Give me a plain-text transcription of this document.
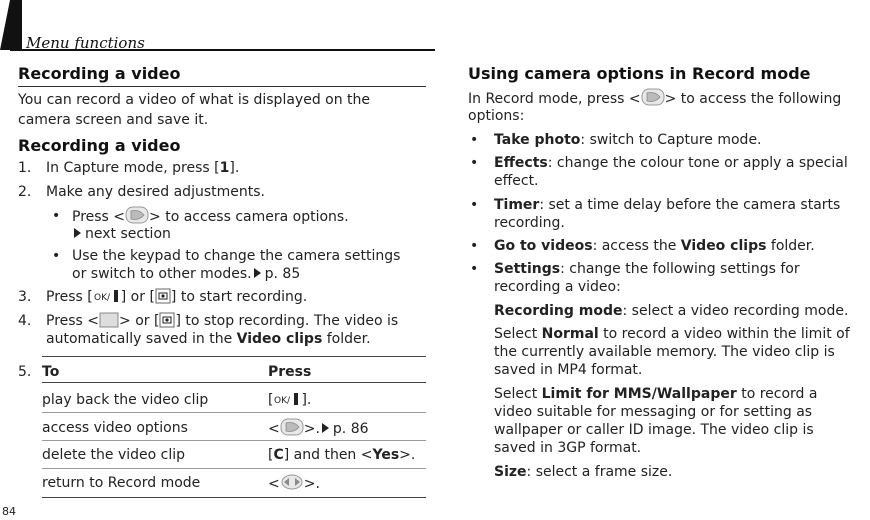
Menu functions
Recording a video
You can record a video of what is displayed on the camera screen and save it.
Recording a video
1. In Capture mode, press [1].
2. Make any desired adjustments.
• Press < > to access camera options.
next section
• Use the keypad to change the camera settings
or switch to other modes. p. 85
3. Press [ OK/ ] or [ ] to start recording.
4. Press < > or [ ] to stop recording. The video is
automatically saved in the Video clips folder.
5. To	Press
play back the video clip	[ OK/ ].
access video options	< >. p. 86
delete the video clip	[C] and then <Yes>.
return to Record mode	< >.
84
Using camera options in Record mode
In Record mode, press < > to access the following
options:
• Take photo: switch to Capture mode.
• Effects: change the colour tone or apply a special
effect.
• Timer: set a time delay before the camera starts
recording.
• Go to videos: access the Video clips folder.
• Settings: change the following settings for
recording a video:
Recording mode: select a video recording mode.
Select Normal to record a video within the limit of
the currently available memory. The video clip is
saved in MP4 format.
Select Limit for MMS/Wallpaper to record a
video suitable for messaging or for setting as
wallpaper or caller ID image. The video clip is
saved in 3GP format.
Size: select a frame size.
